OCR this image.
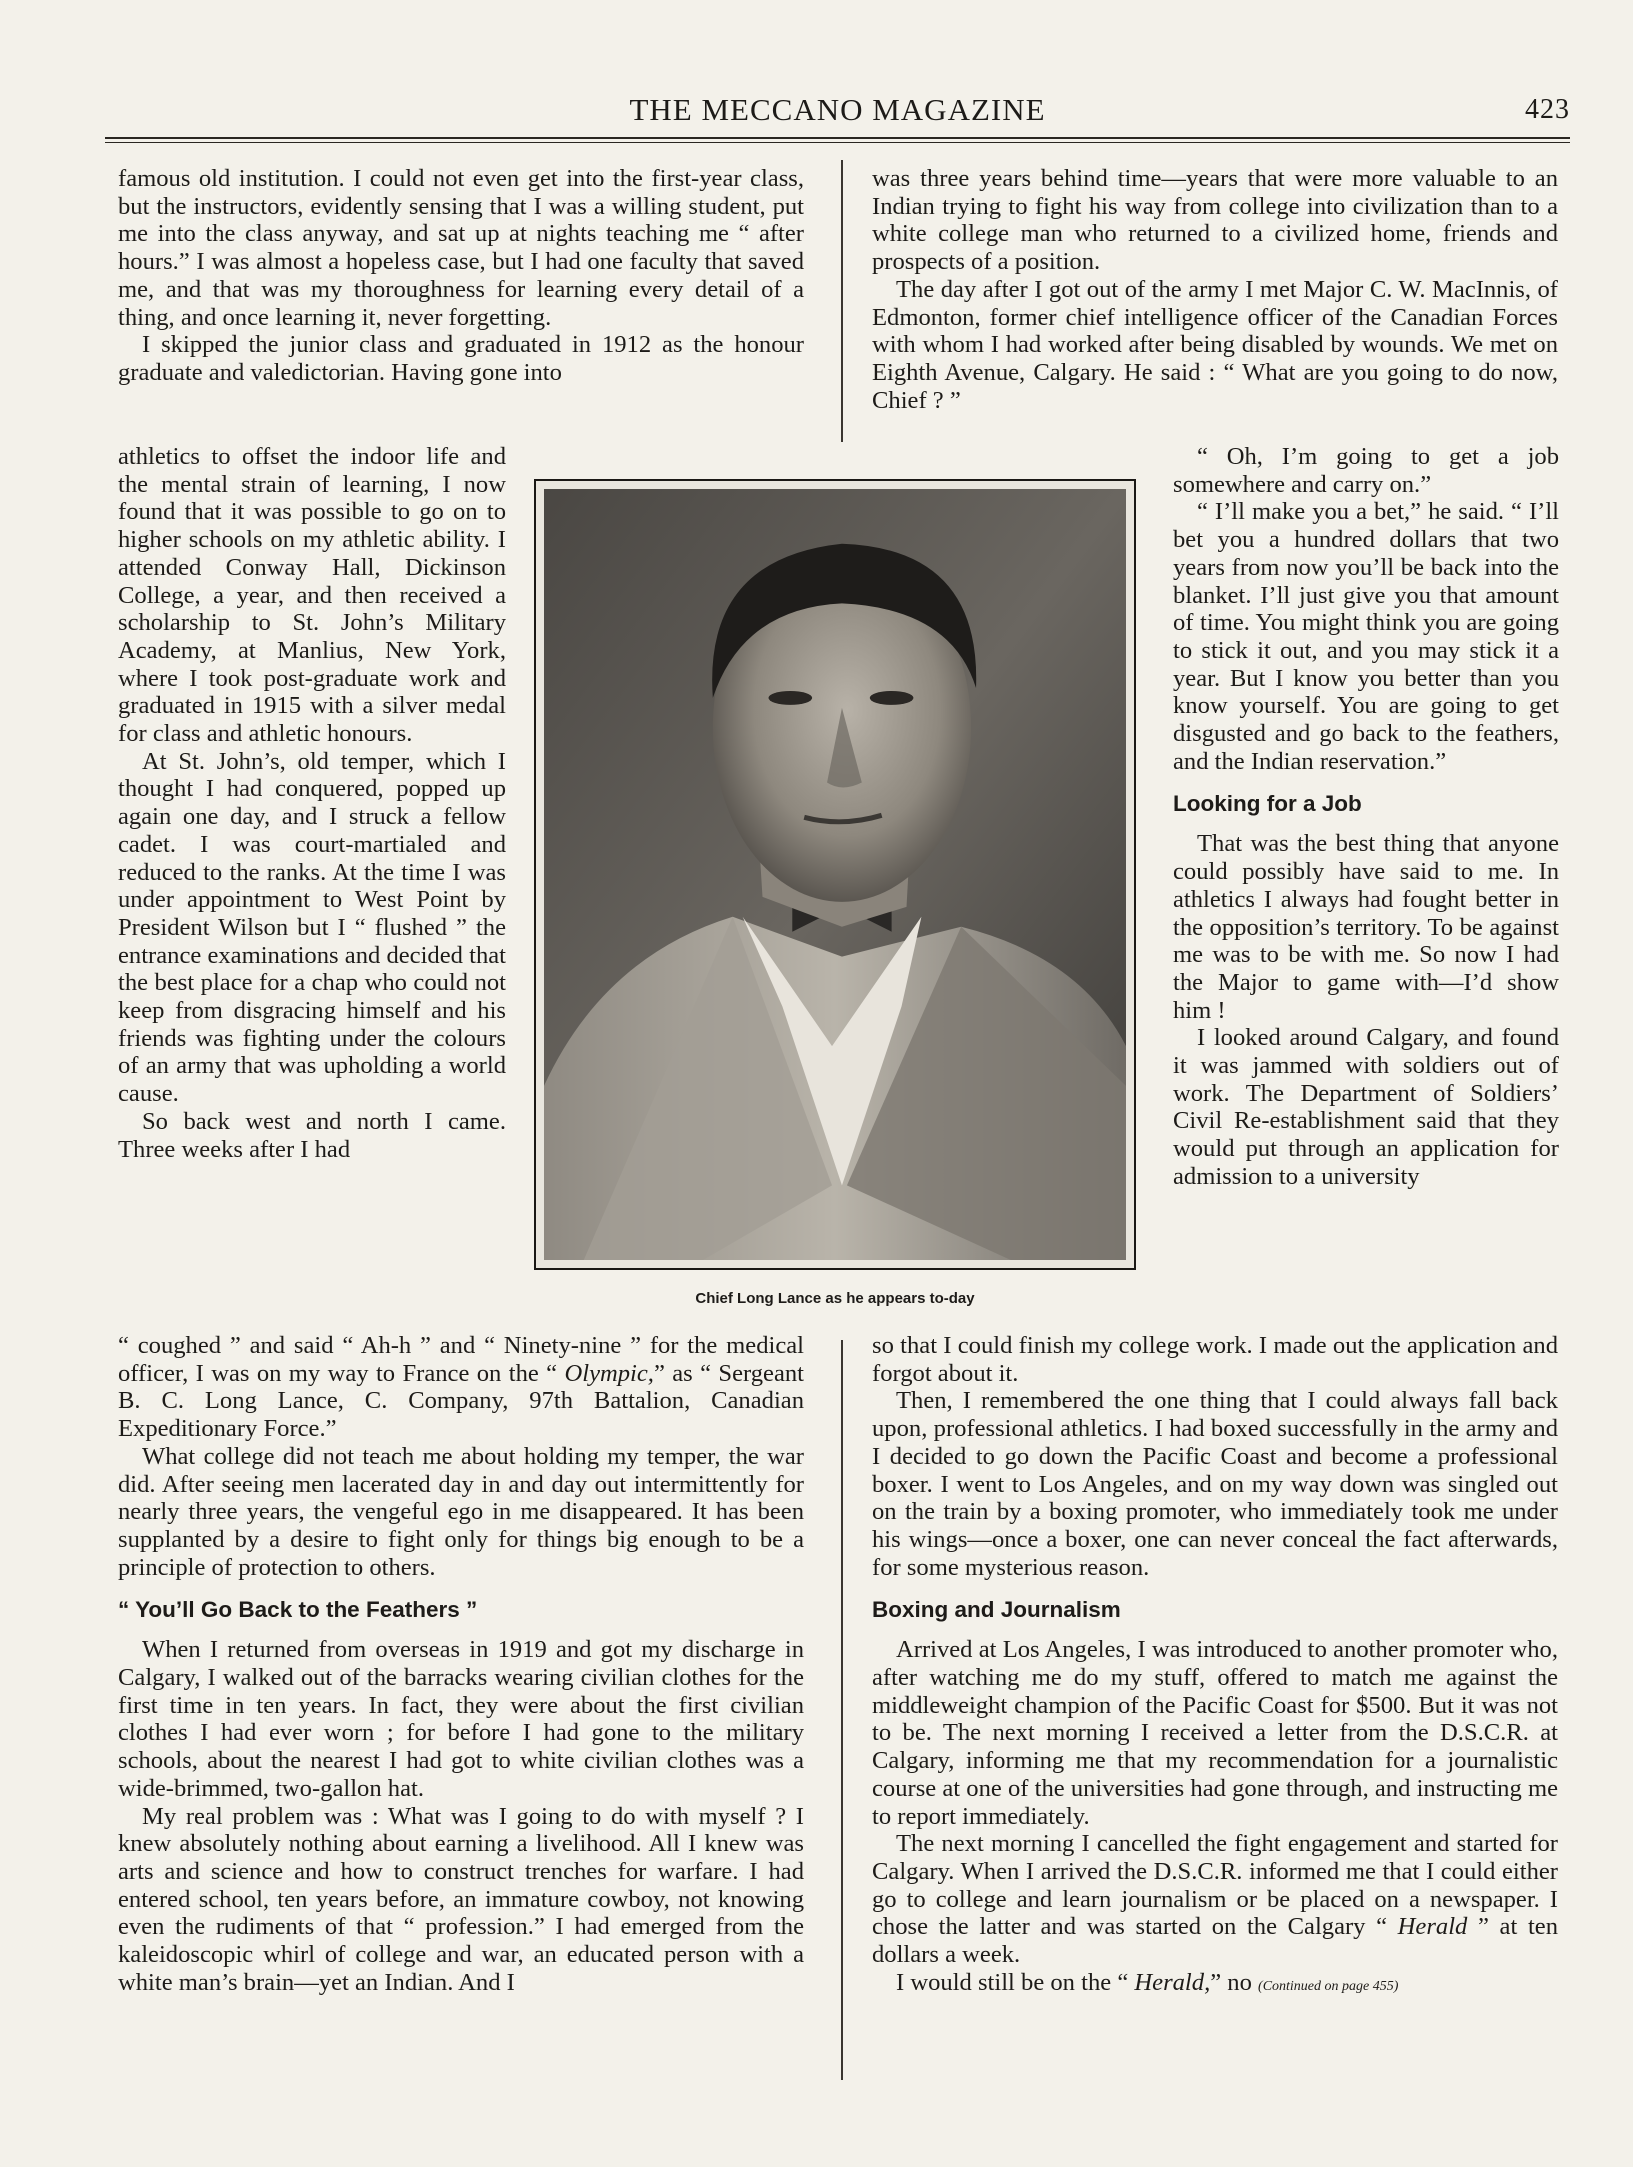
THE MECCANO MAGAZINE	423

famous old institution. I could not even get into the first-year class, but the instructors, evidently sensing that I was a willing student, put me into the class anyway, and sat up at nights teaching me “ after hours.” I was almost a hopeless case, but I had one faculty that saved me, and that was my thoroughness for learning every detail of a thing, and once learning it, never forgetting.

I skipped the junior class and graduated in 1912 as the honour graduate and valedictorian. Having gone into

athletics to offset the indoor life and the mental strain of learning, I now found that it was possible to go on to higher schools on my athletic ability. I attended Conway Hall, Dickinson College, a year, and then received a scholarship to St. John’s Military Academy, at Manlius, New York, where I took post-graduate work and graduated in 1915 with a silver medal for class and athletic honours.

At St. John’s, old temper, which I thought I had conquered, popped up again one day, and I struck a fellow cadet. I was court-martialed and reduced to the ranks. At the time I was under appointment to West Point by President Wilson but I “ flushed ” the entrance examinations and decided that the best place for a chap who could not keep from disgracing himself and his friends was fighting under the colours of an army that was upholding a world cause.

So back west and north I came. Three weeks after I had

“ coughed ” and said “ Ah-h ” and “ Ninety-nine ” for the medical officer, I was on my way to France on the “ Olympic,” as “ Sergeant B. C. Long Lance, C. Company, 97th Battalion, Canadian Expeditionary Force.”

What college did not teach me about holding my temper, the war did. After seeing men lacerated day in and day out intermittently for nearly three years, the vengeful ego in me disappeared. It has been supplanted by a desire to fight only for things big enough to be a principle of protection to others.

“ You’ll Go Back to the Feathers ”

When I returned from overseas in 1919 and got my discharge in Calgary, I walked out of the barracks wearing civilian clothes for the first time in ten years. In fact, they were about the first civilian clothes I had ever worn ; for before I had gone to the military schools, about the nearest I had got to white civilian clothes was a wide-brimmed, two-gallon hat.

My real problem was : What was I going to do with myself ? I knew absolutely nothing about earning a livelihood. All I knew was arts and science and how to construct trenches for warfare. I had entered school, ten years before, an immature cowboy, not knowing even the rudiments of that “ profession.” I had emerged from the kaleidoscopic whirl of college and war, an educated person with a white man’s brain—yet an Indian. And I

was three years behind time—years that were more valuable to an Indian trying to fight his way from college into civilization than to a white college man who returned to a civilized home, friends and prospects of a position.

The day after I got out of the army I met Major C. W. MacInnis, of Edmonton, former chief intelligence officer of the Canadian Forces with whom I had worked after being disabled by wounds. We met on Eighth Avenue, Calgary. He said : “ What are you going to do now, Chief ? ”

“ Oh, I’m going to get a job somewhere and carry on.”

“ I’ll make you a bet,” he said. “ I’ll bet you a hundred dollars that two years from now you’ll be back into the blanket. I’ll just give you that amount of time. You might think you are going to stick it out, and you may stick it a year. But I know you better than you know yourself. You are going to get disgusted and go back to the feathers, and the Indian reservation.”

Looking for a Job

That was the best thing that anyone could possibly have said to me. In athletics I always had fought better in the opposition’s territory. To be against me was to be with me. So now I had the Major to game with—I’d show him !

I looked around Calgary, and found it was jammed with soldiers out of work. The Department of Soldiers’ Civil Re-establishment said that they would put through an application for admission to a university

so that I could finish my college work. I made out the application and forgot about it.

Then, I remembered the one thing that I could always fall back upon, professional athletics. I had boxed successfully in the army and I decided to go down the Pacific Coast and become a professional boxer. I went to Los Angeles, and on my way down was singled out on the train by a boxing promoter, who immediately took me under his wings—once a boxer, one can never conceal the fact afterwards, for some mysterious reason.

Boxing and Journalism

Arrived at Los Angeles, I was introduced to another promoter who, after watching me do my stuff, offered to match me against the middleweight champion of the Pacific Coast for $500. But it was not to be. The next morning I received a letter from the D.S.C.R. at Calgary, informing me that my recommendation for a journalistic course at one of the universities had gone through, and instructing me to report immediately.

The next morning I cancelled the fight engagement and started for Calgary. When I arrived the D.S.C.R. informed me that I could either go to college and learn journalism or be placed on a newspaper. I chose the latter and was started on the Calgary “ Herald ” at ten dollars a week.

I would still be on the “ Herald,” no (Continued on page 455)

Chief Long Lance as he appears to-day
